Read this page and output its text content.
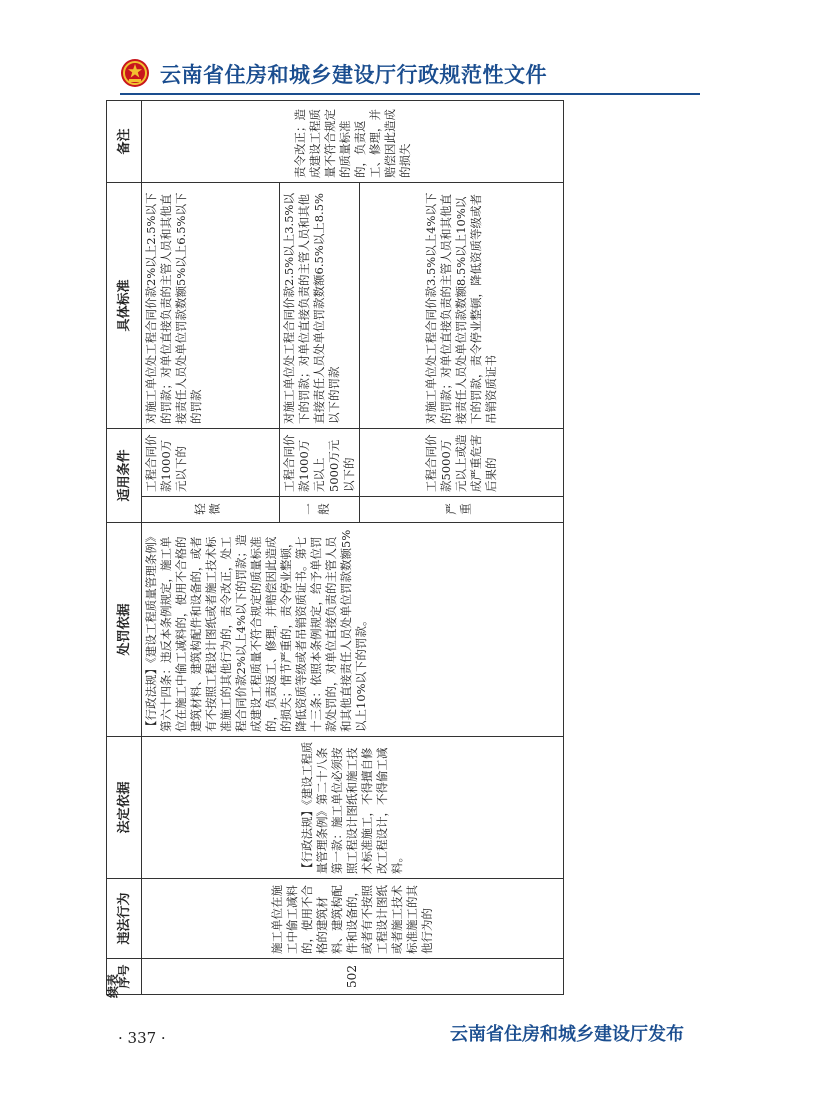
云南省住房和城乡建设厅行政规范性文件
序号	违法行为	法定依据	处罚依据	适用条件		具体标准	备注
502	施工单位在施工中偷工减料的，使用不合格的建筑材料、建筑构配件和设备的，或者有不按照工程设计图纸或者施工技术标准施工的其他行为的	【行政法规】《建设工程质量管理条例》第二十八条第一款：施工单位必须按照工程设计图纸和施工技术标准施工，不得擅自修改工程设计，不得偷工减料。	【行政法规】《建设工程质量管理条例》第六十四条：违反本条例规定，施工单位在施工中偷工减料的，使用不合格的建筑材料、建筑构配件和设备的，或者有不按照工程设计图纸或者施工技术标准施工的其他行为的，责令改正，处工程合同价款2%以上4%以下的罚款；造成建设工程质量不符合规定的质量标准的，负责返工、修理，并赔偿因此造成的损失；情节严重的，责令停业整顿，降低资质等级或者吊销资质证书。第七十三条：依照本条例规定，给予单位罚款处罚的，对单位直接负责的主管人员和其他直接责任人员处单位罚款数额5%以上10%以下的罚款。	轻微	工程合同价款1000万元以下的	对施工单位处工程合同价款2%以上2.5%以下的罚款；对单位直接负责的主管人员和其他直接责任人员处单位罚款数额5%以上6.5%以下的罚款	责令改正；造成建设工程质量不符合规定的质量标准的，负责返工、修理，并赔偿因此造成的损失
				一般	工程合同价款1000万元以上5000万元以下的	对施工单位处工程合同价款2.5%以上3.5%以下的罚款；对单位直接负责的主管人员和其他直接责任人员处单位罚款数额6.5%以上8.5%以下的罚款	
				严重	工程合同价款5000万元以上或造成严重危害后果的	对施工单位处工程合同价款3.5%以上4%以下的罚款；对单位直接负责的主管人员和其他直接责任人员处单位罚款数额8.5%以上10%以下的罚款，责令停业整顿，降低资质等级或者吊销资质证书	
续表
· 337 ·	云南省住房和城乡建设厅发布
